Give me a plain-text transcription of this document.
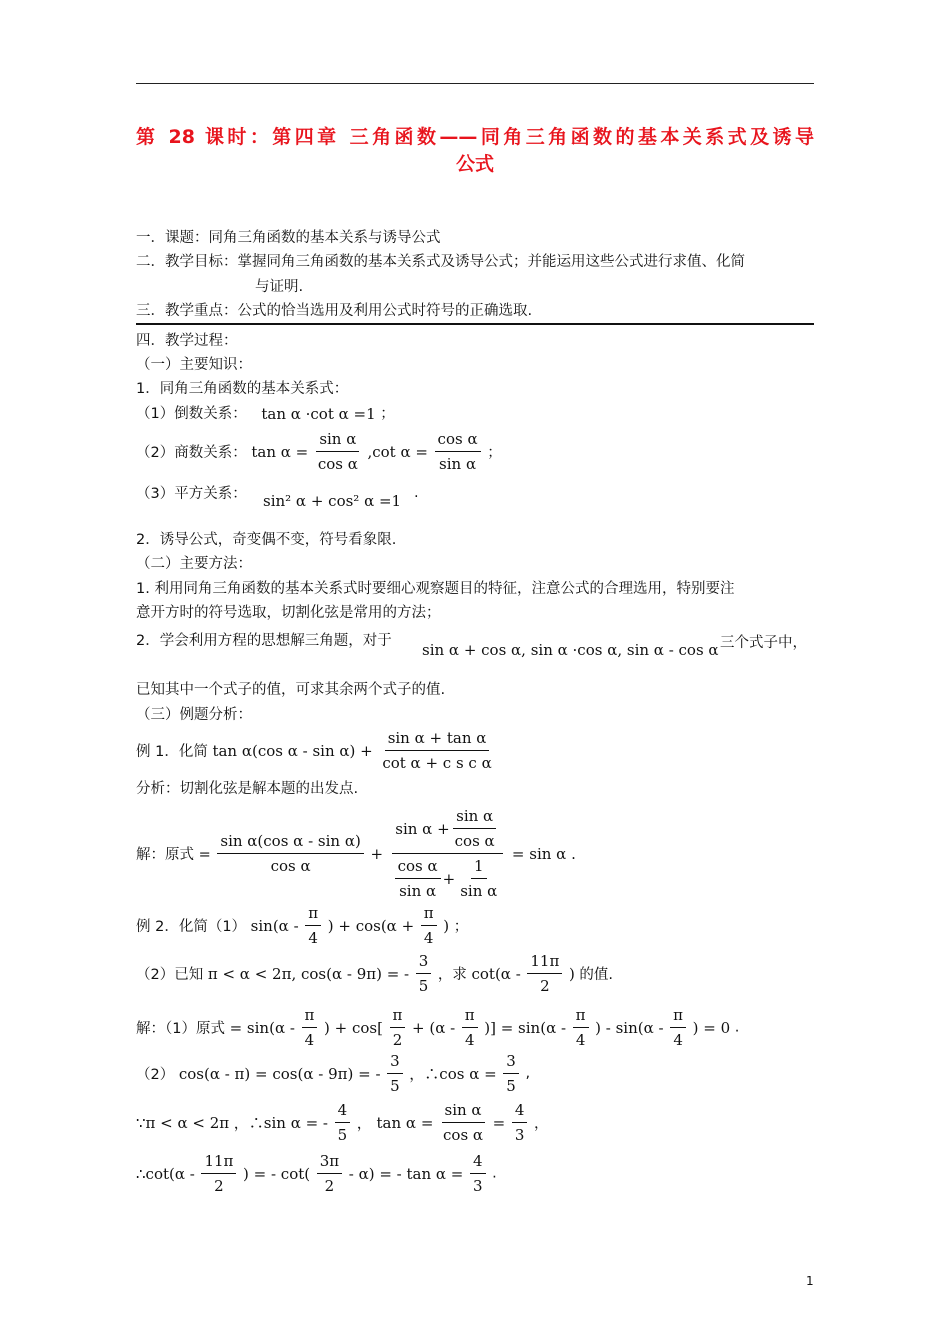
第 28 课时：第四章 三角函数——同角三角函数的基本关系式及诱导
公式
一．课题：同角三角函数的基本关系与诱导公式
二．教学目标：掌握同角三角函数的基本关系式及诱导公式；并能运用这些公式进行求值、化简
与证明.
三．教学重点：公式的恰当选用及利用公式时符号的正确选取.
四．教学过程：
（一）主要知识：
1．同角三角函数的基本关系式：
（1）倒数关系： tan α ·cot α =1 ；
（2）商数关系： $\tan \alpha = \frac{\text{sin α}}{\text{cos α}} ,\cot$ $\alpha = \frac{\text{cos α}}{\text{sin α}}$ ；
（3）平方关系： sin² α + cos² α =1 .
2．诱导公式，奇变偶不变，符号看象限.
（二）主要方法：
1. 利用同角三角函数的基本关系式时要细心观察题目的特征，注意公式的合理选用，特别要注
意开方时的符号选取，切割化弦是常用的方法；
2．学会利用方程的思想解三角题，对于 sin α + cos α, sin α ·cos α, sin α - cos α 三个式子中，
已知其中一个式子的值，可求其余两个式子的值.
（三）例题分析：
例 1．化简 tan α(cos $\alpha - \sin \alpha) + \frac{\text{sin α + tan α}}{\text{cot α + c s c α}}$
分析：切割化弦是解本题的出发点.
解：原式 = $\frac{\text{sin α(cos α - sin α)}}{\text{cos α}}$ +
$\sin \alpha + \frac{\text{sin α}}{\text{cos α}}$
$\frac{\text{cos α}}{\text{sin α}} + \frac{1}{\text{sin α}}$
= sin α .
例 2．化简（1） $\sin(\alpha - \frac{\pi}{4}$ ) + $\cos(\alpha + \frac{\pi}{4}$ ) ；
（2）已知 π < α < 2π, cos(α - 9π) = - $\frac{3}{5}$ ，求 $\cot(\alpha - \frac{11\pi}{2}$ ) 的值.
解：（1）原式 = $\sin(\alpha - \frac{\pi}{4}$ ) + $\cos[ \frac{\pi}{2} + (\alpha - \frac{\pi}{4}$ )] = $\sin(\alpha - \frac{\pi}{4}$ ) - $\sin(\alpha - \frac{\pi}{4}$ ) = 0 .
（2） cos(α - π) = cos(α - 9π) = - $\frac{3}{5}$ ，∴cos $\alpha = \frac{3}{5}$ ,
∵π < α < 2π ，∴sin α = - $\frac{4}{5}$ ， $\tan \alpha = \frac{\text{sin α}}{\text{cos α}} = \frac{4}{3}$ ，
∴cot(α - $\frac{11\pi}{2}$ ) = - $\cot( \frac{3\pi}{2} - \alpha)$ = - $\tan \alpha = \frac{4}{3}$ .
1
